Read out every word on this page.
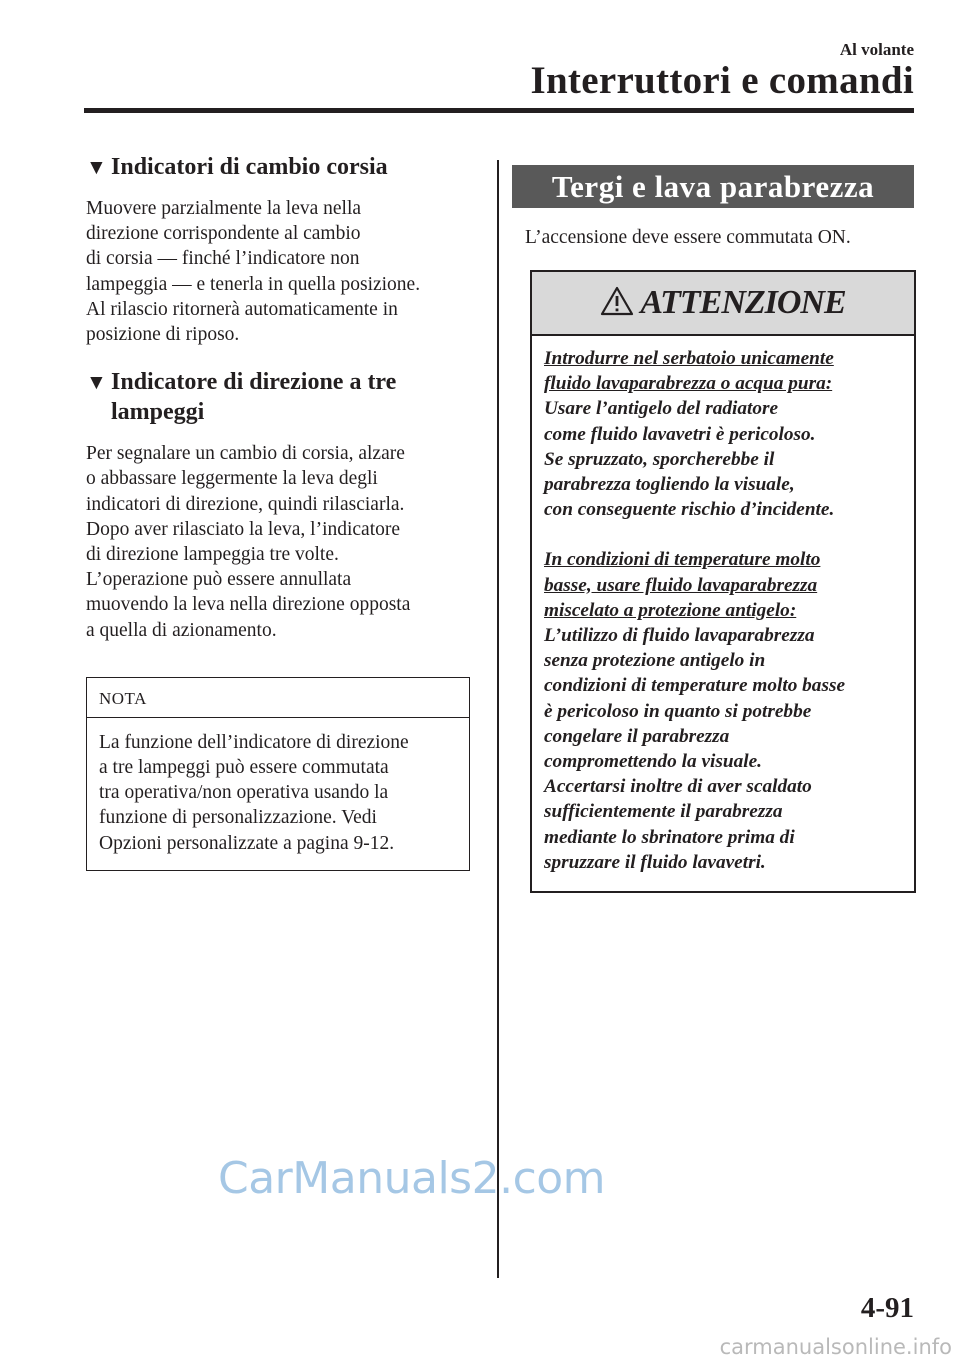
Al volante
Interruttori e comandi
▼ Indicatori di cambio corsia

Muovere parzialmente la leva nella
direzione corrispondente al cambio
di corsia — finché l’indicatore non
lampeggia — e tenerla in quella posizione.
Al rilascio ritornerà automaticamente in
posizione di riposo.

▼ Indicatore di direzione a tre
lampeggi

Per segnalare un cambio di corsia, alzare
o abbassare leggermente la leva degli
indicatori di direzione, quindi rilasciarla.
Dopo aver rilasciato la leva, l’indicatore
di direzione lampeggia tre volte.
L’operazione può essere annullata
muovendo la leva nella direzione opposta
a quella di azionamento.

NOTA
La funzione dell’indicatore di direzione
a tre lampeggi può essere commutata
tra operativa/non operativa usando la
funzione di personalizzazione. Vedi
Opzioni personalizzate a pagina 9-12.
Tergi e lava parabrezza

L’accensione deve essere commutata ON.

ATTENZIONE

Introdurre nel serbatoio unicamente
fluido lavaparabrezza o acqua pura:
Usare l’antigelo del radiatore
come fluido lavavetri è pericoloso.
Se spruzzato, sporcherebbe il
parabrezza togliendo la visuale,
con conseguente rischio d’incidente.

In condizioni di temperature molto
basse, usare fluido lavaparabrezza
miscelato a protezione antigelo:
L’utilizzo di fluido lavaparabrezza
senza protezione antigelo in
condizioni di temperature molto basse
è pericoloso in quanto si potrebbe
congelare il parabrezza
compromettendo la visuale.
Accertarsi inoltre di aver scaldato
sufficientemente il parabrezza
mediante lo sbrinatore prima di
spruzzare il fluido lavavetri.

CarManuals2.com
4-91
carmanualsonline.info
